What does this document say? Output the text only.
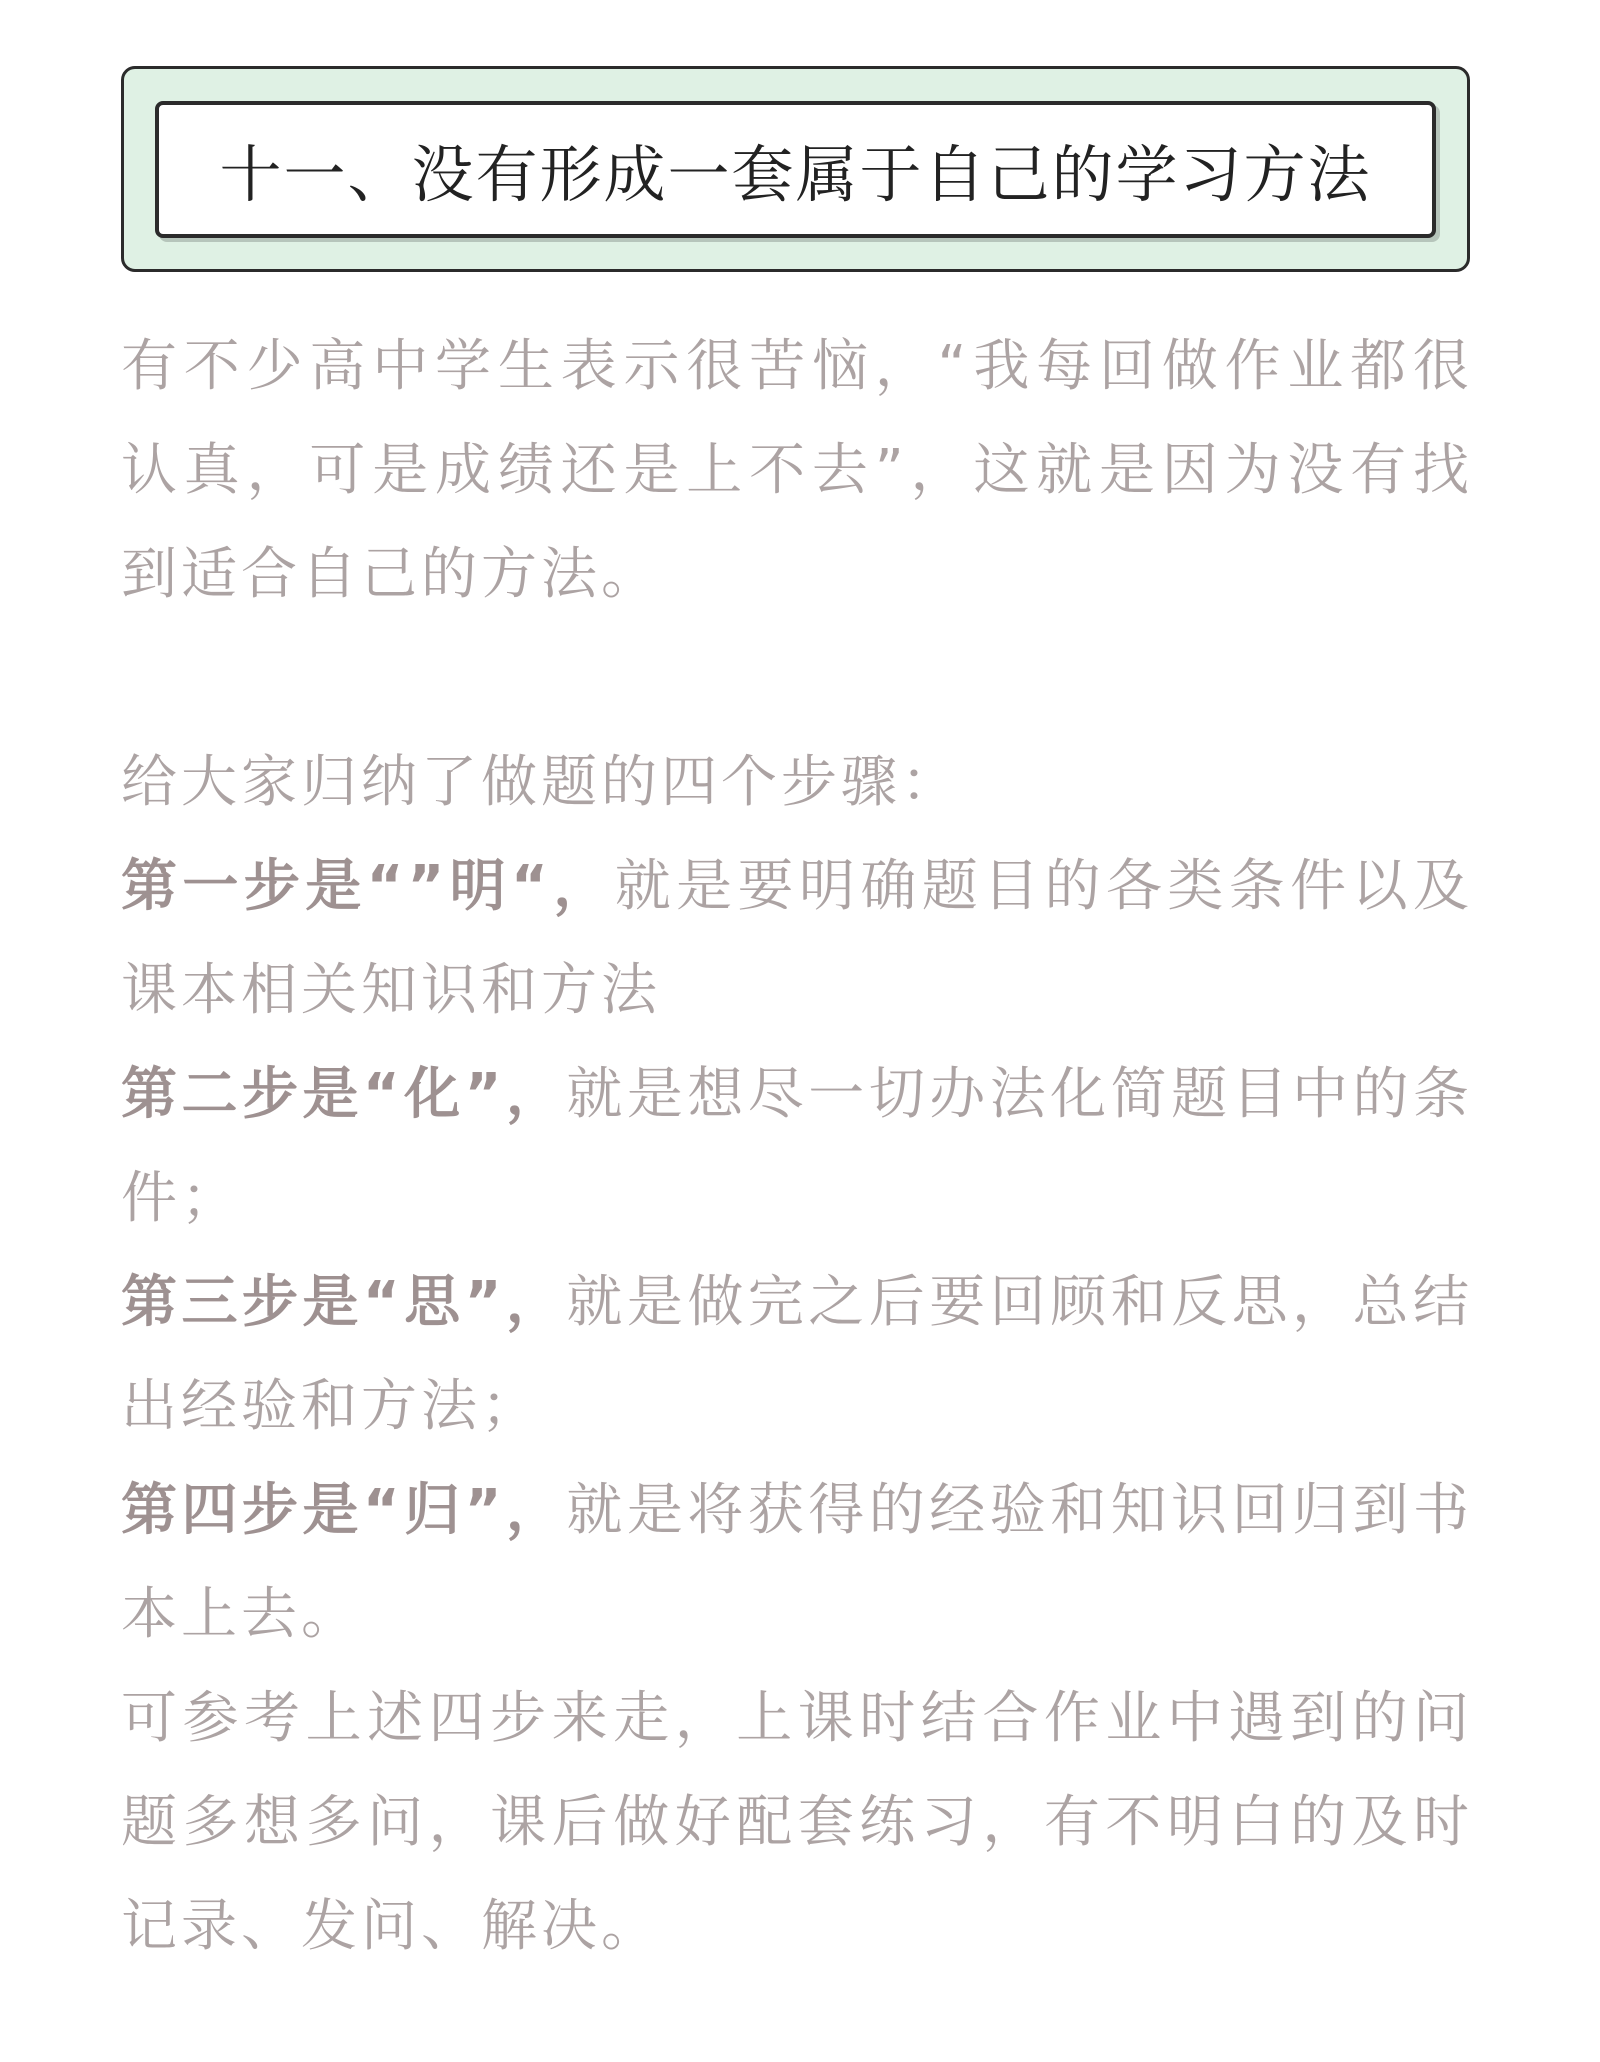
十一、没有形成一套属于自己的学习方法

有不少高中学生表示很苦恼，“我每回做作业都很认真，可是成绩还是上不去”，这就是因为没有找到适合自己的方法。

给大家归纳了做题的四个步骤：

第一步是“”明“，就是要明确题目的各类条件以及课本相关知识和方法

第二步是“化”，就是想尽一切办法化简题目中的条件；

第三步是“思”，就是做完之后要回顾和反思，总结出经验和方法；

第四步是“归”，就是将获得的经验和知识回归到书本上去。

可参考上述四步来走，上课时结合作业中遇到的问题多想多问，课后做好配套练习，有不明白的及时记录、发问、解决。
